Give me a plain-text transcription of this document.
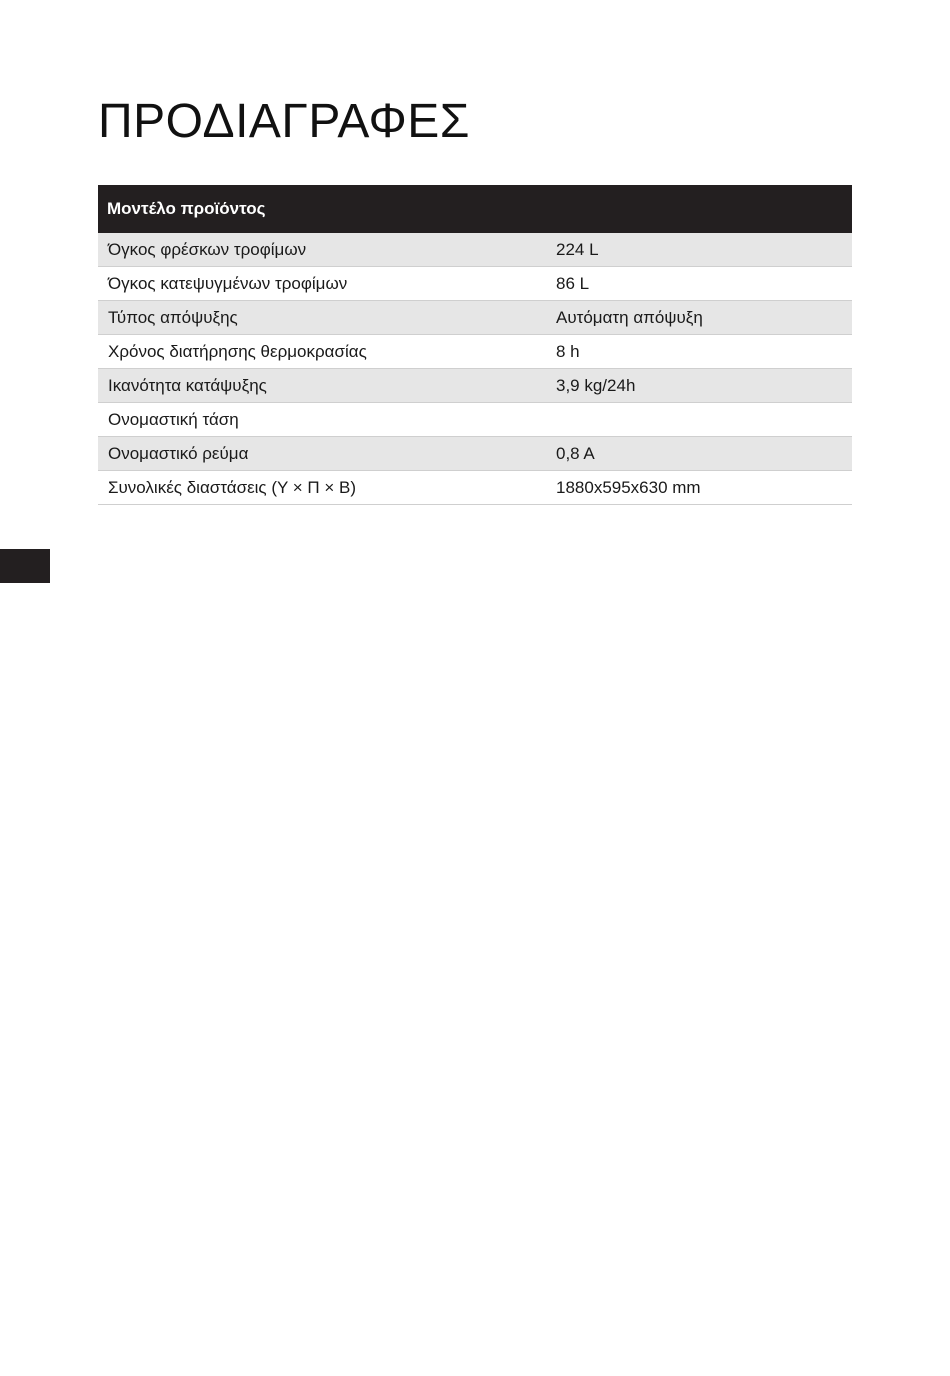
ΠΡΟΔΙΑΓΡΑΦΕΣ
Μοντέλο προϊόντος	
Όγκος φρέσκων τροφίμων	224 L
Όγκος κατεψυγμένων τροφίμων	86 L
Τύπος απόψυξης	Αυτόματη απόψυξη
Χρόνος διατήρησης θερμοκρασίας	8 h
Ικανότητα κατάψυξης	3,9 kg/24h
Ονομαστική τάση	
Ονομαστικό ρεύμα	0,8 A
Συνολικές διαστάσεις (Υ × Π × Β)	1880x595x630 mm
